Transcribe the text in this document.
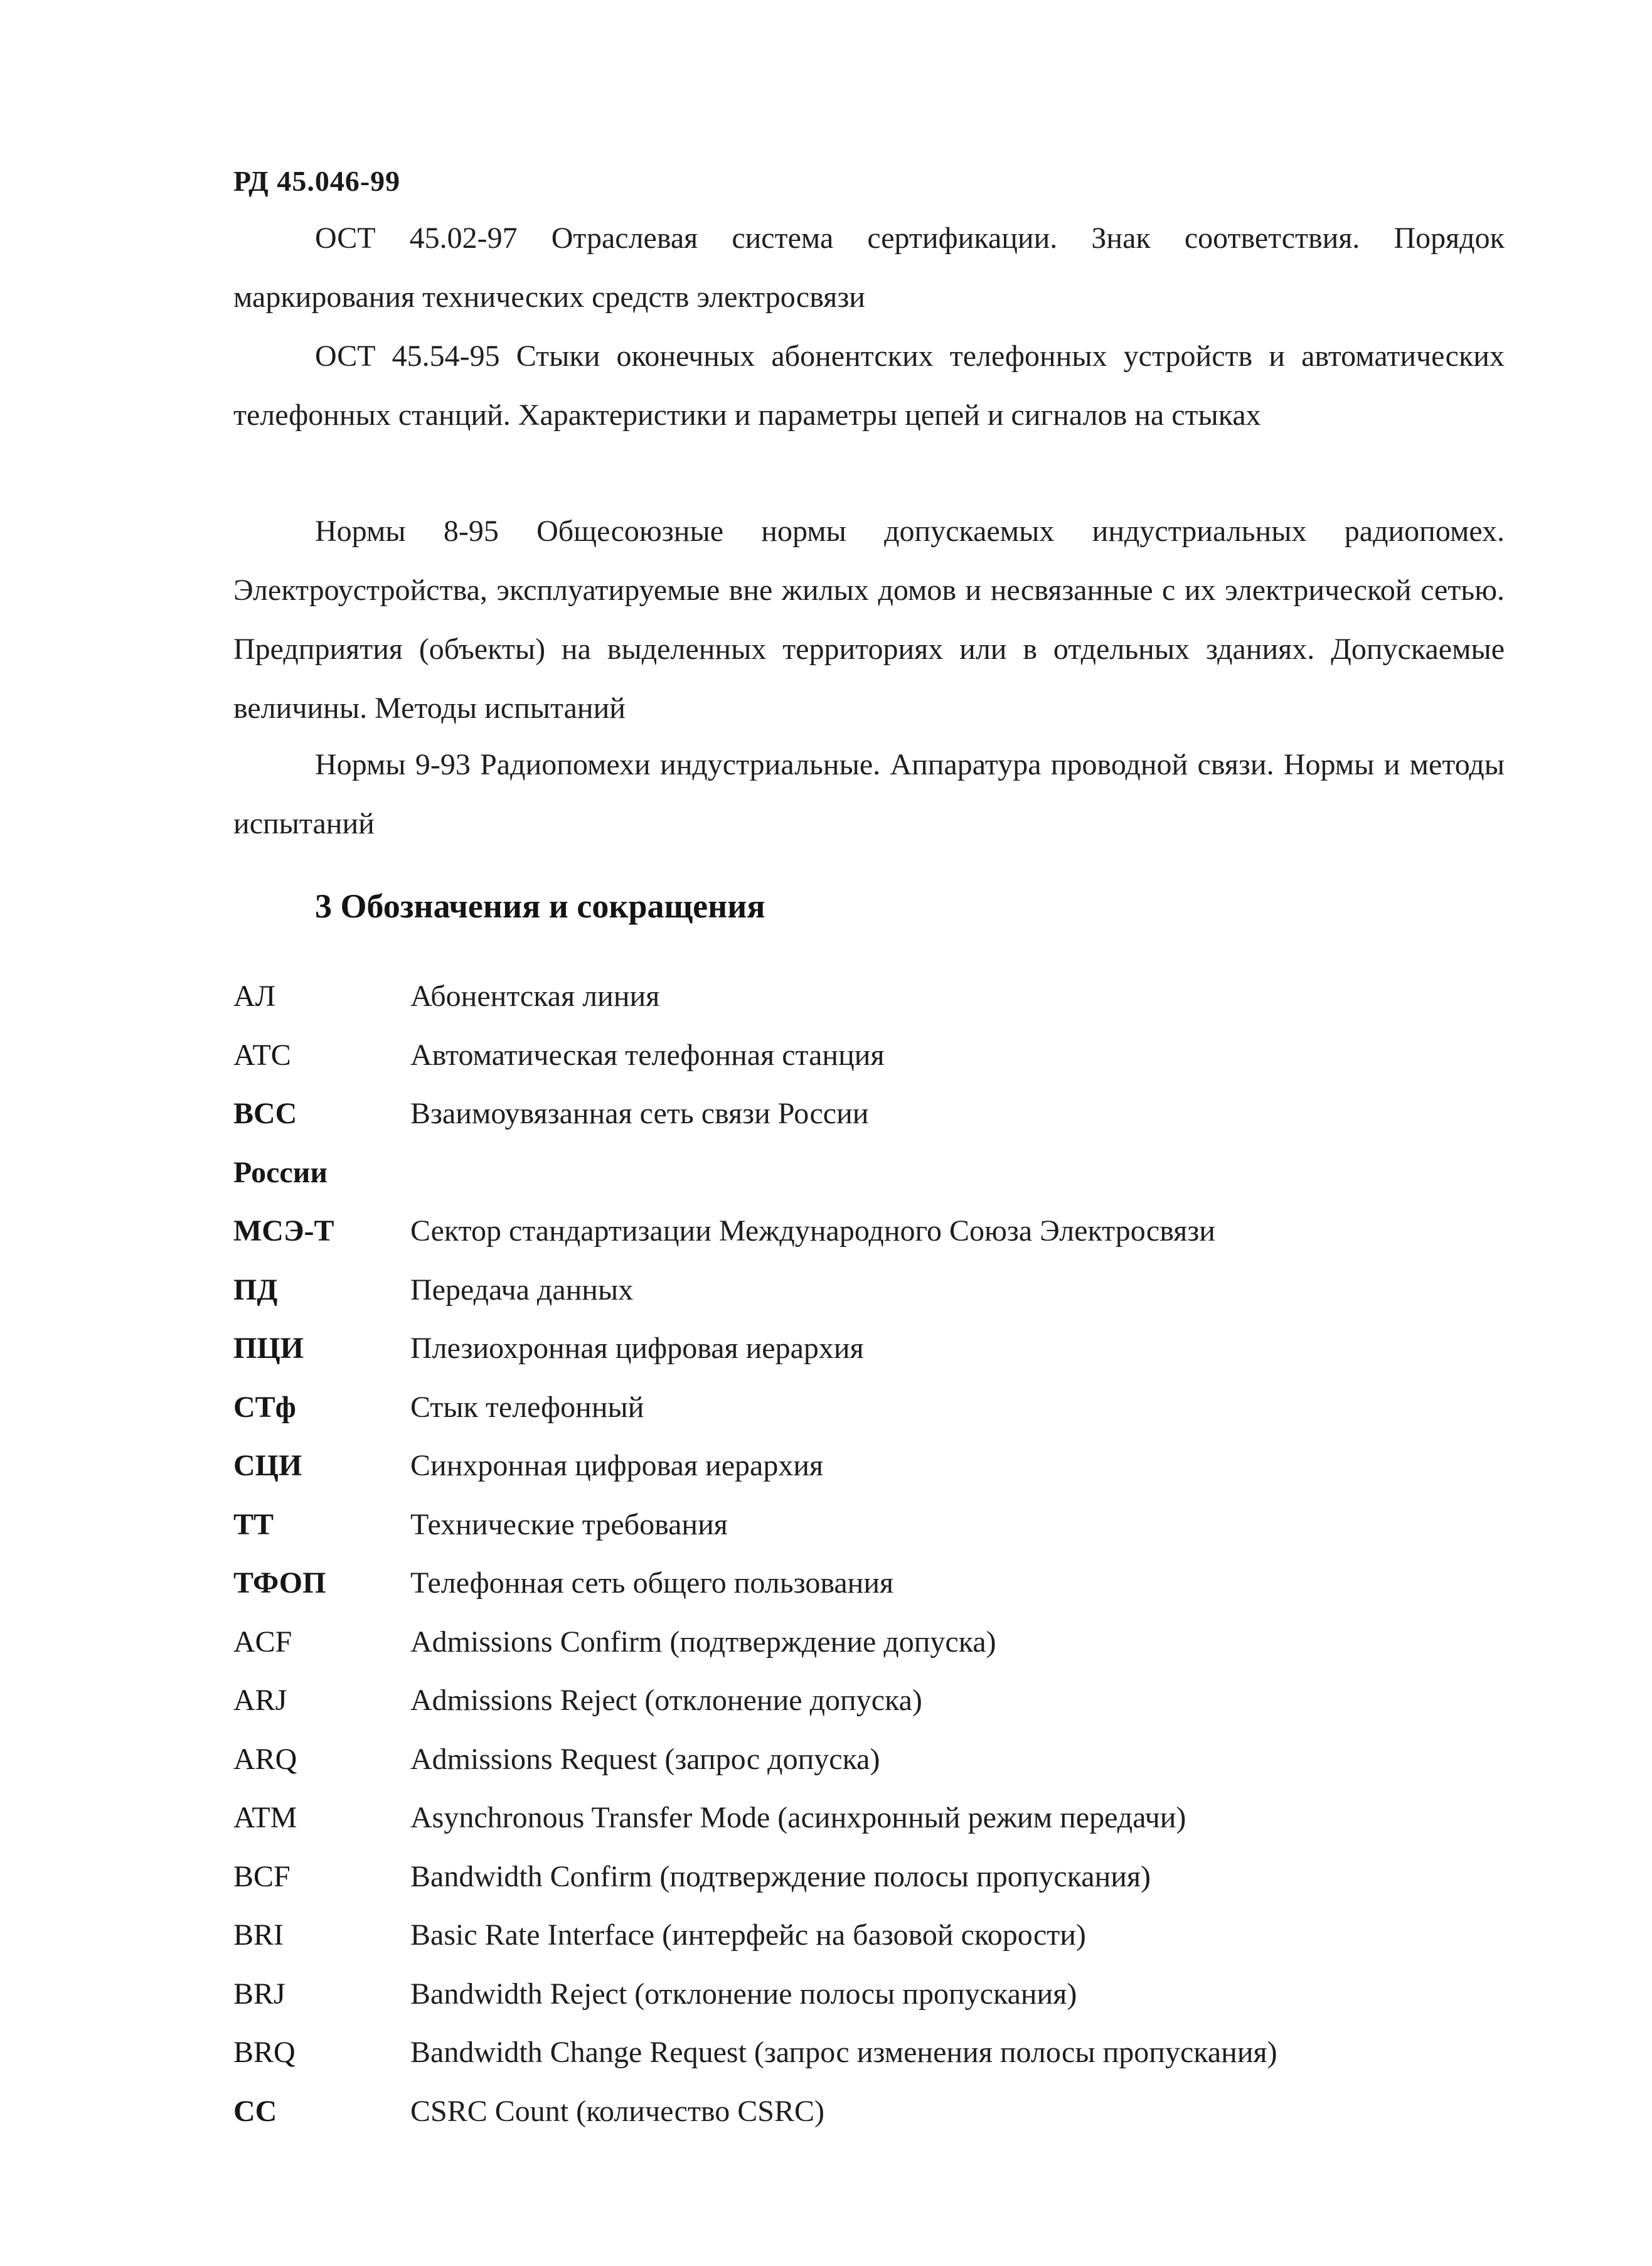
РД 45.046-99

ОСТ 45.02-97 Отраслевая система сертификации. Знак соответствия. Порядок маркирования технических средств электросвязи

ОСТ 45.54-95 Стыки оконечных абонентских телефонных устройств и автоматических телефонных станций. Характеристики и параметры цепей и сигналов на стыках

Нормы 8-95 Общесоюзные нормы допускаемых индустриальных радиопомех. Электроустройства, эксплуатируемые вне жилых домов и несвязанные с их электрической сетью. Предприятия (объекты) на выделенных территориях или в отдельных зданиях. Допускаемые величины. Методы испытаний

Нормы 9-93 Радиопомехи индустриальные. Аппаратура проводной связи. Нормы и методы испытаний

3 Обозначения и сокращения
АЛ	Абонентская линия
АТС	Автоматическая телефонная станция
ВСС	Взаимоувязанная сеть связи России
России
МСЭ-Т	Сектор стандартизации Международного Союза Электросвязи
ПД	Передача данных
ПЦИ	Плезиохронная цифровая иерархия
СТф	Стык телефонный
СЦИ	Синхронная цифровая иерархия
ТТ	Технические требования
ТФОП	Телефонная сеть общего пользования
ACF	Admissions Confirm (подтверждение допуска)
ARJ	Admissions Reject (отклонение допуска)
ARQ	Admissions Request (запрос допуска)
ATM	Asynchronous Transfer Mode (асинхронный режим передачи)
BCF	Bandwidth Confirm (подтверждение полосы пропускания)
BRI	Basic Rate Interface (интерфейс на базовой скорости)
BRJ	Bandwidth Reject (отклонение полосы пропускания)
BRQ	Bandwidth Change Request (запрос изменения полосы пропускания)
CC	CSRC Count (количество CSRC)
